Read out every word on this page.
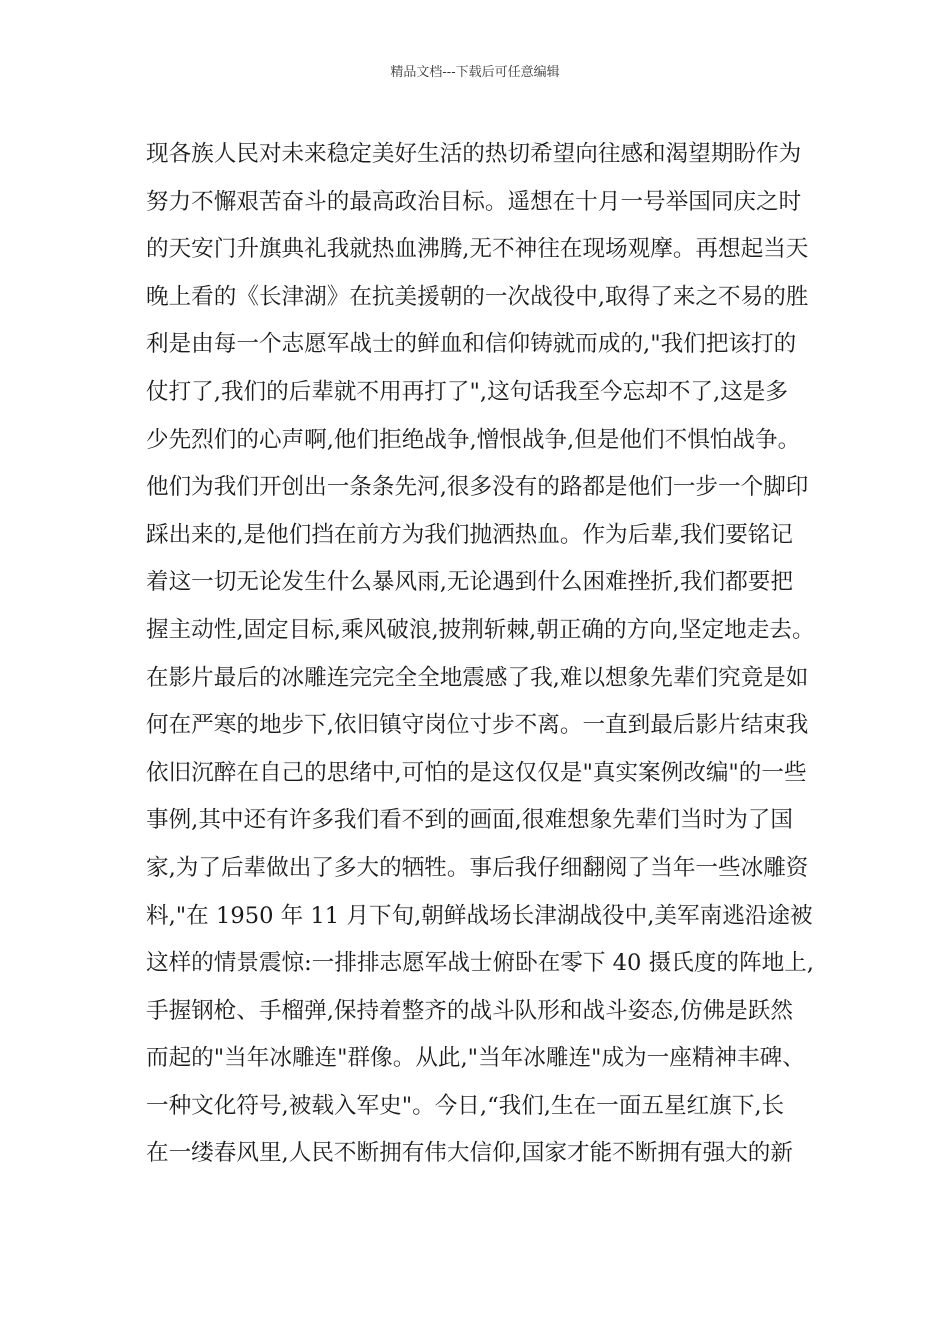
精品文档---下载后可任意编辑
现各族人民对未来稳定美好生活的热切希望向往感和渴望期盼作为
努力不懈艰苦奋斗的最高政治目标。遥想在十月一号举国同庆之时
的天安门升旗典礼我就热血沸腾,无不神往在现场观摩。再想起当天
晚上看的《长津湖》在抗美援朝的一次战役中,取得了来之不易的胜
利是由每一个志愿军战士的鲜血和信仰铸就而成的,"我们把该打的
仗打了,我们的后辈就不用再打了",这句话我至今忘却不了,这是多
少先烈们的心声啊,他们拒绝战争,憎恨战争,但是他们不惧怕战争。
他们为我们开创出一条条先河,很多没有的路都是他们一步一个脚印
踩出来的,是他们挡在前方为我们抛洒热血。作为后辈,我们要铭记
着这一切无论发生什么暴风雨,无论遇到什么困难挫折,我们都要把
握主动性,固定目标,乘风破浪,披荆斩棘,朝正确的方向,坚定地走去。
在影片最后的冰雕连完完全全地震感了我,难以想象先辈们究竟是如
何在严寒的地步下,依旧镇守岗位寸步不离。一直到最后影片结束我
依旧沉醉在自己的思绪中,可怕的是这仅仅是"真实案例改编"的一些
事例,其中还有许多我们看不到的画面,很难想象先辈们当时为了国
家,为了后辈做出了多大的牺牲。事后我仔细翻阅了当年一些冰雕资
料,"在 1950 年 11 月下旬,朝鲜战场长津湖战役中,美军南逃沿途被
这样的情景震惊:一排排志愿军战士俯卧在零下 40 摄氏度的阵地上,
手握钢枪、手榴弹,保持着整齐的战斗队形和战斗姿态,仿佛是跃然
而起的"当年冰雕连"群像。从此,"当年冰雕连"成为一座精神丰碑、
一种文化符号,被载入军史"。今日,“我们,生在一面五星红旗下,长
在一缕春风里,人民不断拥有伟大信仰,国家才能不断拥有强大的新
